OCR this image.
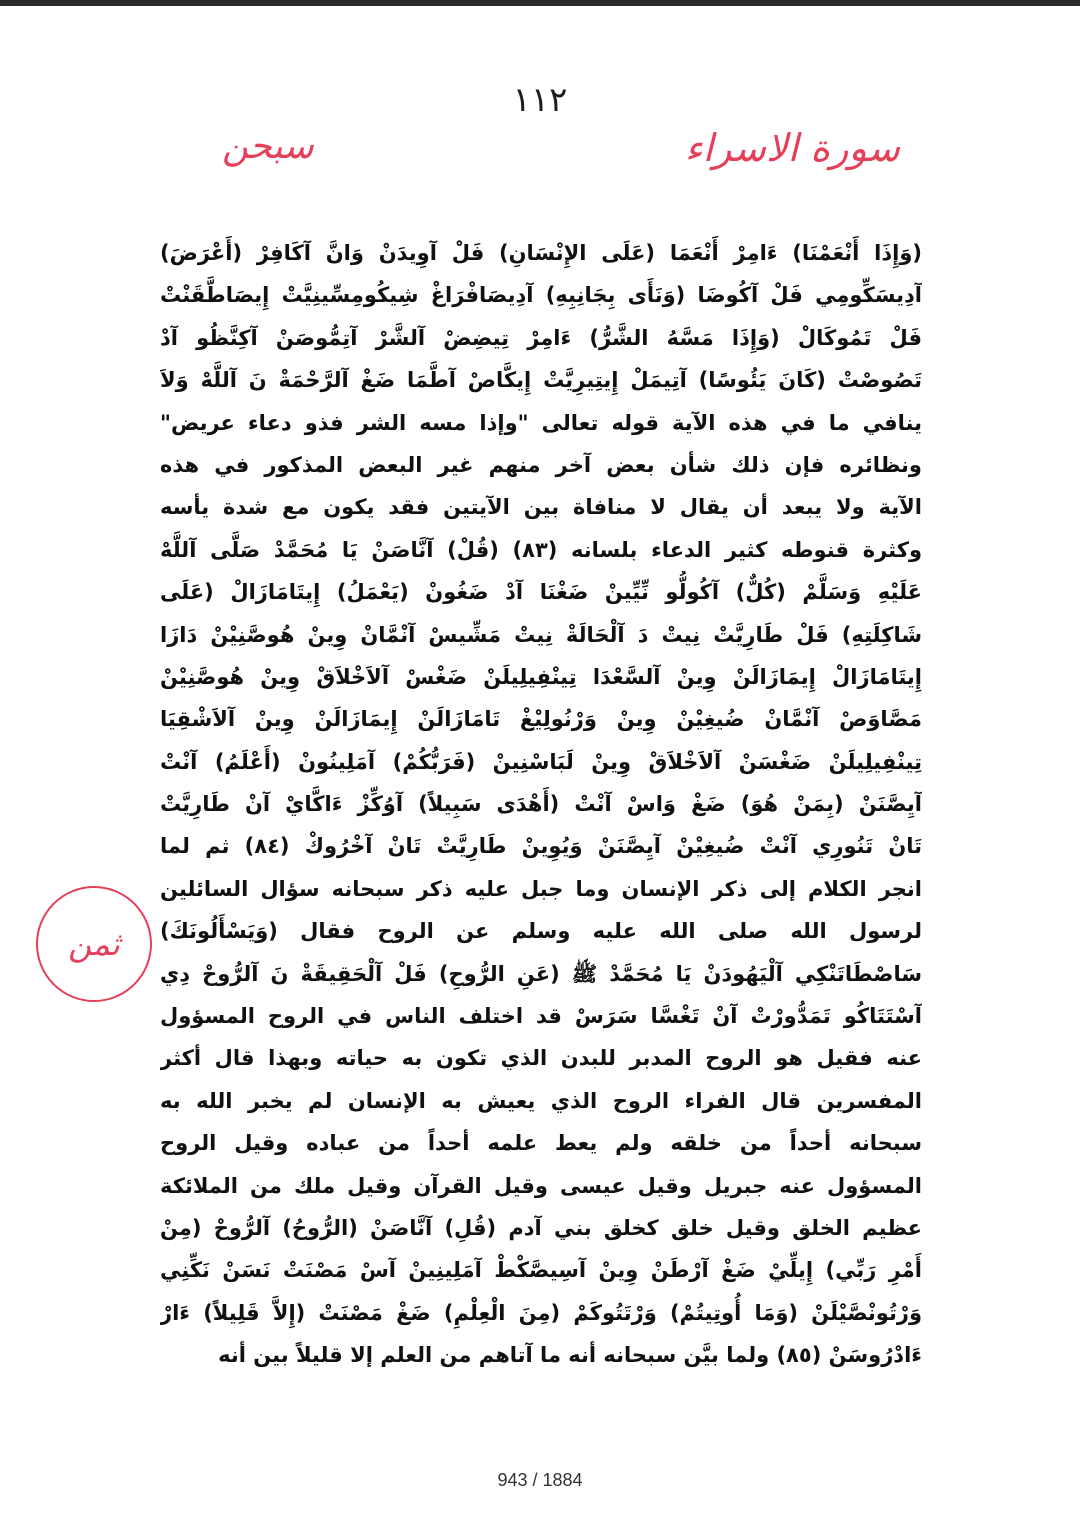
١١٢
سورة الاسراء
سبحن
ثمن
(وَإِذَا أَنْعَمْنَا) ءَامِرْ أَنْعَمَا (عَلَى الإِنْسَانِ) فَلْ آوِيدَنْ وَانَّ آكَافِرْ (أَعْرَضَ)
آدِيسَكِّومِي فَلْ آكُوضَا (وَنَأَى بِجَانِبِهِ) آدِيصَافْرَاغْ شِيكُومِسِّينِيَّتْ إِيصَاطَّقَنْتْ
فَلْ تَمُوكَالْ (وَإِذَا مَسَّهُ الشَّرُّ) ءَامِرْ تِيضِضْ آلشَّرْ آتِمُّوصَنْ آكِنَّظُو آدْ
تَصُوصْتْ (كَانَ يَئُوسًا) آتِيمَلْ إِيتِيرِيَّتْ إِيكَّاصْ آطَّمَا ضَغْ آلرَّحْمَةْ نَ آللَّهْ وَلاَ
ينافي ما في هذه الآية قوله تعالى "وإذا مسه الشر فذو دعاء عريض"
ونظائره فإن ذلك شأن بعض آخر منهم غير البعض المذكور في هذه
الآية ولا يبعد أن يقال لا منافاة بين الآيتين فقد يكون مع شدة يأسه
وكثرة قنوطه كثير الدعاء بلسانه (٨٣) (قُلْ) آنَّاصَنْ يَا مُحَمَّدْ صَلَّى آللَّهْ
عَلَيْهِ وَسَلَّمْ (كُلٌّ) آكُولُّو نِّيِّينْ ضَغْنَا آدْ ضَغُونْ (يَعْمَلُ) إِيتَامَازَالْ (عَلَى
شَاكِلَتِهِ) فَلْ طَارِيَّتْ نِيتْ دَ آلْحَالَةْ نِيتْ مَشِّيسْ آنْمَّانْ وِينْ هُوصَّنِيْنْ دَازَا
إِيتَامَازَالْ إِيمَازَالَنْ وِينْ آلسَّعْدَا تِينْفِيلِيلَنْ ضَغْسْ آلاَخْلاَقْ وِينْ هُوصَّنِيْنْ
مَصَّاوَصْ آنْمَّانْ ضُيغِيْنْ وِينْ وَرْنُولِيْغْ تَامَازَالَنْ إِيمَازَالَنْ وِينْ آلاَشْقِيَا
تِينْفِيلِيلَنْ ضَغْسَنْ آلاَخْلاَقْ وِينْ لَبَاسْنِينْ (فَرَبُّكُمْ) آمَلِينُونْ (أَعْلَمُ) آنْتْ
آيِصَّنَنْ (بِمَنْ هُوَ) ضَغْ وَاسْ آنْتْ (أَهْدَى سَبِيلاً) آوُكِّزْ ءَاكَّايْ آنْ طَارِيَّتْ
تَانْ تَنُورِي آنْتْ ضُيغِيْنْ آيِصَّنَنْ وَيُوِينْ طَارِيَّتْ تَانْ آخْرُوكْ (٨٤) ثم لما
انجر الكلام إلى ذكر الإنسان وما جبل عليه ذكر سبحانه سؤال السائلين
لرسول الله صلى الله عليه وسلم عن الروح فقال (وَيَسْأَلُونَكَ)
سَاصْطَاتَنْكِي آلْيَهُودَنْ يَا مُحَمَّدْ ﷺ (عَنِ الرُّوحِ) فَلْ آلْحَقِيقَةْ نَ آلرُّوحْ دِي
آسْتَتَاكُو تَمَدُّورْتْ آنْ تَغْسَّا سَرَسْ قد اختلف الناس في الروح المسؤول
عنه فقيل هو الروح المدبر للبدن الذي تكون به حياته وبهذا قال أكثر
المفسرين قال الفراء الروح الذي يعيش به الإنسان لم يخبر الله به
سبحانه أحداً من خلقه ولم يعط علمه أحداً من عباده وقيل الروح
المسؤول عنه جبريل وقيل عيسى وقيل القرآن وقيل ملك من الملائكة
عظيم الخلق وقيل خلق كخلق بني آدم (قُلِ) آنَّاصَنْ (الرُّوحُ) آلرُّوحْ (مِنْ
أَمْرِ رَبِّي) إِيلِّيْ ضَغْ آرْطَنْ وِينْ آسِيصَّكْطْ آمَلِينِينْ آسْ مَصْنَتْ نَسَنْ نَكِّنِي
وَرْتُونْصَّيْلَنْ (وَمَا أُوتِيتُمْ) وَرْتَتُوكَمْ (مِنَ الْعِلْمِ) ضَغْ مَصْنَتْ (إِلاَّ قَلِيلاً) ءَارْ
ءَادْرُوسَنْ (٨٥) ولما بيَّن سبحانه أنه ما آتاهم من العلم إلا قليلاً بين أنه
943 / 1884
